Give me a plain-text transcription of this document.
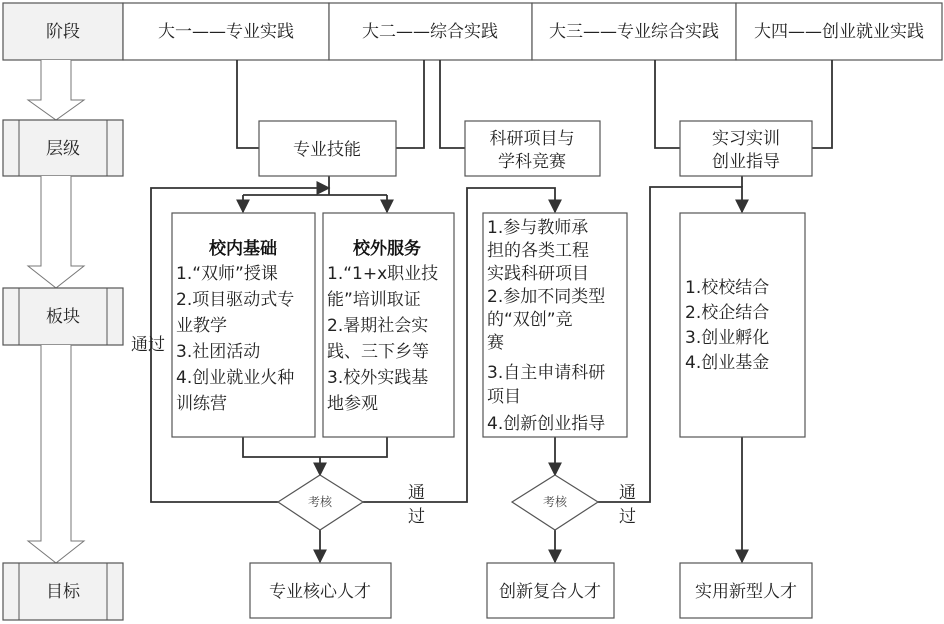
阶段
层级
板块
目标
大一——专业实践	大二——综合实践	大三——专业综合实践 大四——创业就业实践
专业技能
科研项目与
学科竞赛
实习实训
创业指导
校内基础
1.“双师”授课
2.项目驱动式专
业教学
3.社团活动
4.创业就业火种
训练营
校外服务
1.“1+x职业技
能”培训取证
2.暑期社会实
践、三下乡等
3.校外实践基
地参观
1.参与教师承
担的各类工程
实践科研项目
2.参加不同类型
的“双创”竞
赛
3.自主申请科研
项目
4.创新创业指导
1.校校结合
2.校企结合
3.创业孵化
4.创业基金
考核	考核
通过
通
过
通
过
专业核心人才	创新复合人才	实用新型人才
